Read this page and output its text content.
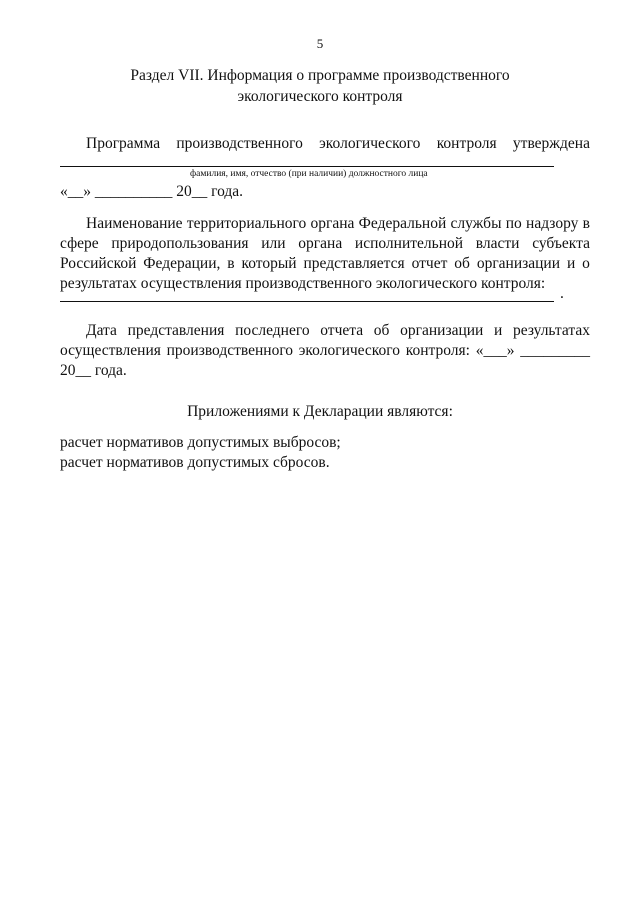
5
Раздел VII. Информация о программе производственного
экологического контроля
Программа производственного экологического контроля утверждена
фамилия, имя, отчество (при наличии) должностного лица
«__» __________ 20__ года.
Наименование территориального органа Федеральной службы по надзору в
сфере природопользования или органа исполнительной власти субъекта
Российской Федерации, в который представляется отчет об организации и о
результатах осуществления производственного экологического контроля:
.
Дата представления последнего отчета об организации и результатах
осуществления производственного экологического контроля: «___» _________
20__ года.
Приложениями к Декларации являются:
расчет нормативов допустимых выбросов;
расчет нормативов допустимых сбросов.
